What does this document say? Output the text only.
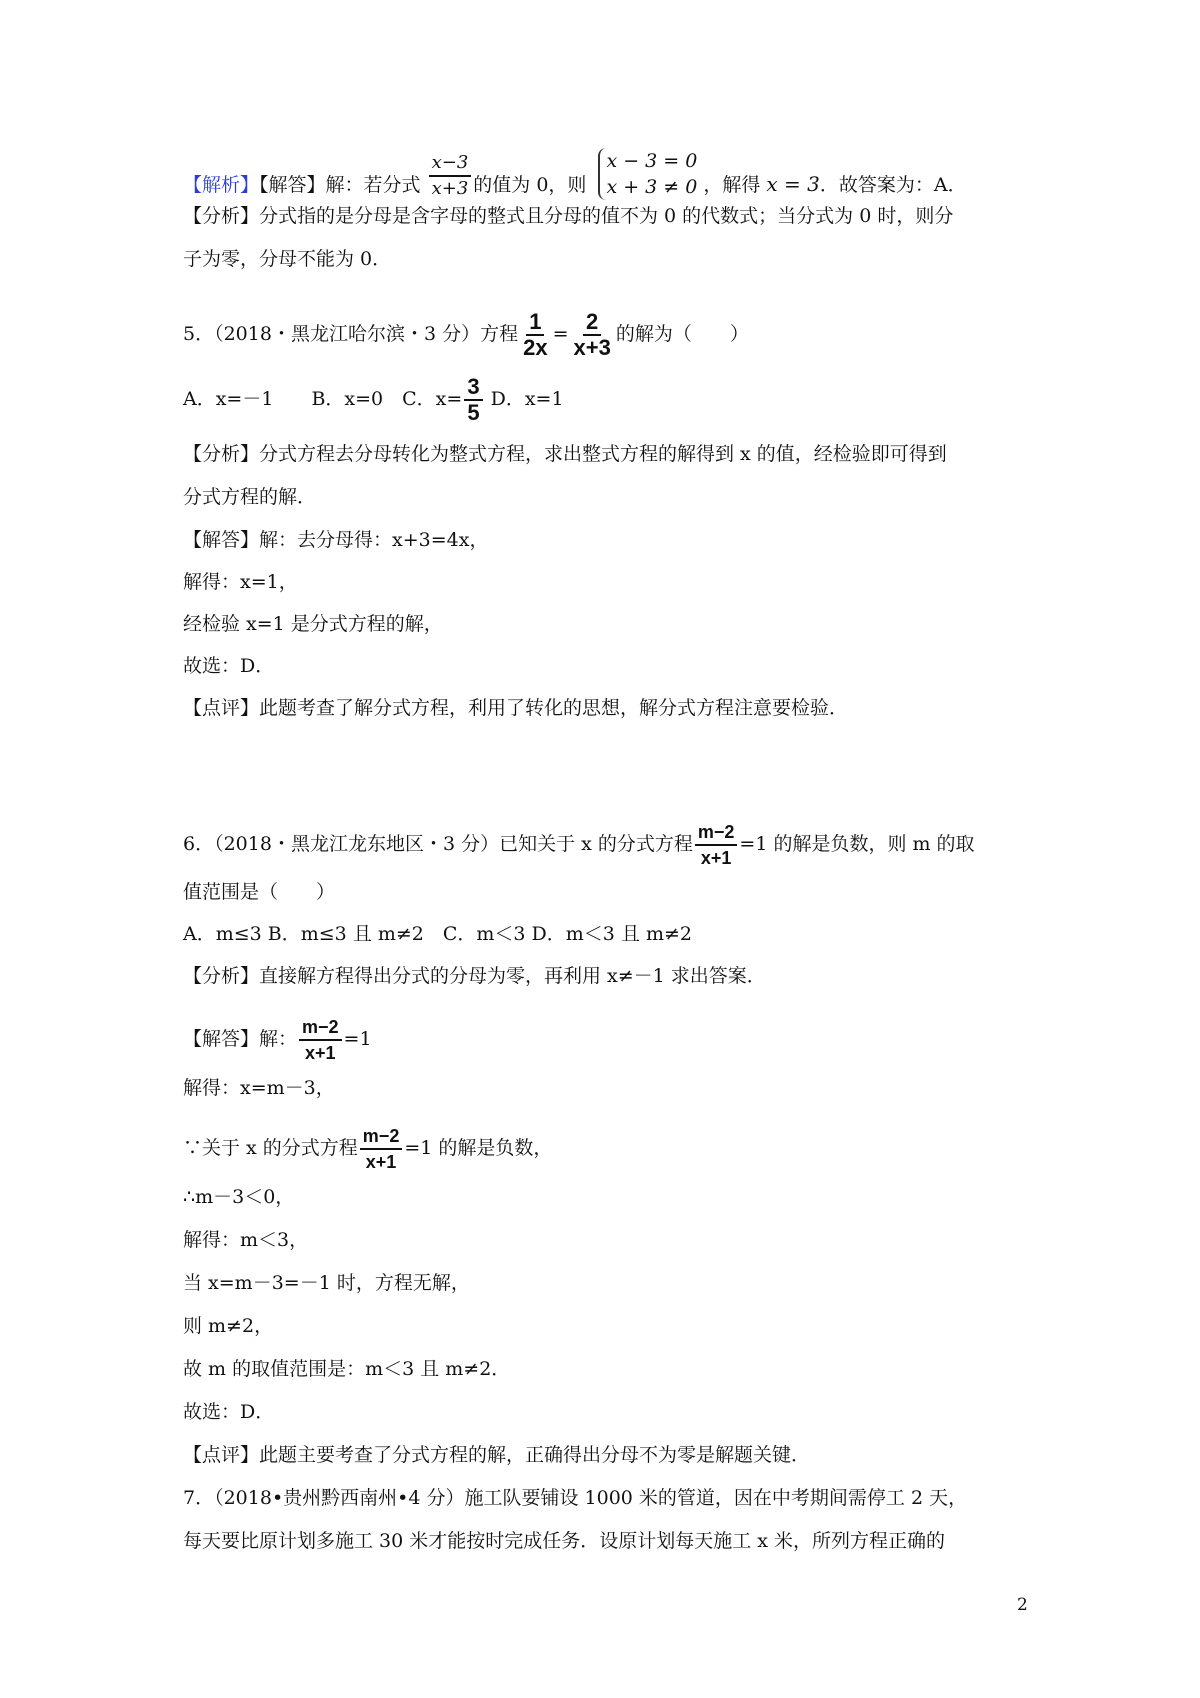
【解析】【解答】解：若分式 $\frac{x-3}{x+3}$ 的值为 0，则
x − 3 = 0
x + 3 ≠ 0 ，解得 x = 3．故答案为：A．
【分析】分式指的是分母是含字母的整式且分母的值不为 0 的代数式；当分式为 0 时，则分
子为零，分母不能为 0．
5．（2018・黑龙江哈尔滨・3 分）方程 $\frac{1}{2x} = \frac{2}{x+3}$ 的解为（　　）
A．x=－1　　B．x=0　C．$x= \frac{3}{5}$ D．x=1
【分析】分式方程去分母转化为整式方程，求出整式方程的解得到 x 的值，经检验即可得到
分式方程的解．
【解答】解：去分母得：x+3=4x，
解得：x=1，
经检验 x=1 是分式方程的解，
故选：D．
【点评】此题考查了解分式方程，利用了转化的思想，解分式方程注意要检验．
6．（2018・黑龙江龙东地区・3 分）已知关于 x 的分式方程 $\frac{m-2}{x+1} =1$ 的解是负数，则 m 的取
值范围是（　　）
A．m≤3 B．m≤3 且 m≠2　C．m＜3 D．m＜3 且 m≠2
【分析】直接解方程得出分式的分母为零，再利用 x≠－1 求出答案．
【解答】解： $\frac{m-2}{x+1} =1$
解得：x=m－3，
∵关于 x 的分式方程 $\frac{m-2}{x+1} =1$ 的解是负数，
∴m－3＜0，
解得：m＜3，
当 x=m－3=－1 时，方程无解，
则 m≠2，
故 m 的取值范围是：m＜3 且 m≠2．
故选：D．
【点评】此题主要考查了分式方程的解，正确得出分母不为零是解题关键．
7．（2018•贵州黔西南州•4 分）施工队要铺设 1000 米的管道，因在中考期间需停工 2 天，
每天要比原计划多施工 30 米才能按时完成任务．设原计划每天施工 x 米，所列方程正确的
2
